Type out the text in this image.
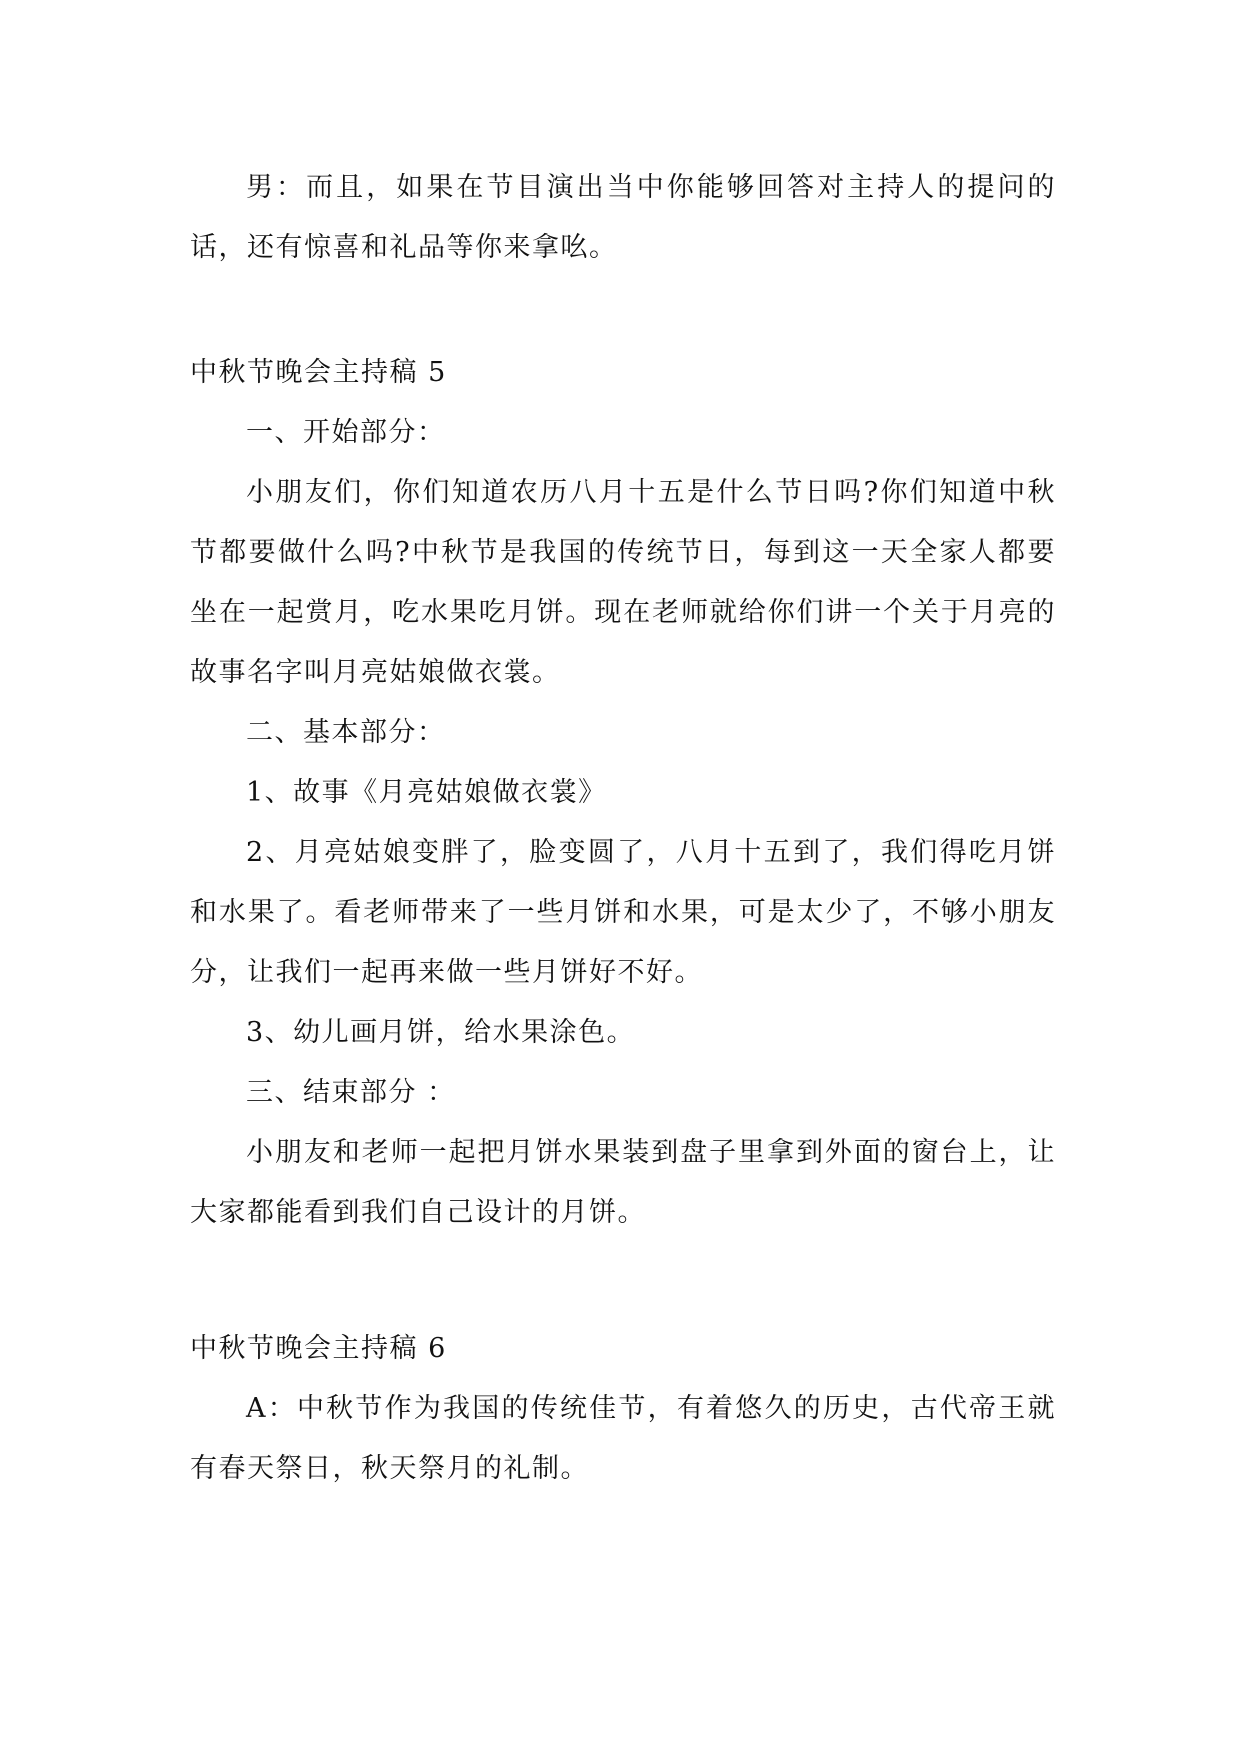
男：而且，如果在节目演出当中你能够回答对主持人的提问的话，还有惊喜和礼品等你来拿吆。

中秋节晚会主持稿 5

一、开始部分：

小朋友们，你们知道农历八月十五是什么节日吗?你们知道中秋节都要做什么吗?中秋节是我国的传统节日，每到这一天全家人都要坐在一起赏月，吃水果吃月饼。现在老师就给你们讲一个关于月亮的故事名字叫月亮姑娘做衣裳。

二、基本部分：

1、故事《月亮姑娘做衣裳》

2、月亮姑娘变胖了，脸变圆了，八月十五到了，我们得吃月饼和水果了。看老师带来了一些月饼和水果，可是太少了，不够小朋友分，让我们一起再来做一些月饼好不好。

3、幼儿画月饼，给水果涂色。

三、结束部分 ：

小朋友和老师一起把月饼水果装到盘子里拿到外面的窗台上，让大家都能看到我们自己设计的月饼。

中秋节晚会主持稿 6

A：中秋节作为我国的传统佳节，有着悠久的历史，古代帝王就有春天祭日，秋天祭月的礼制。
